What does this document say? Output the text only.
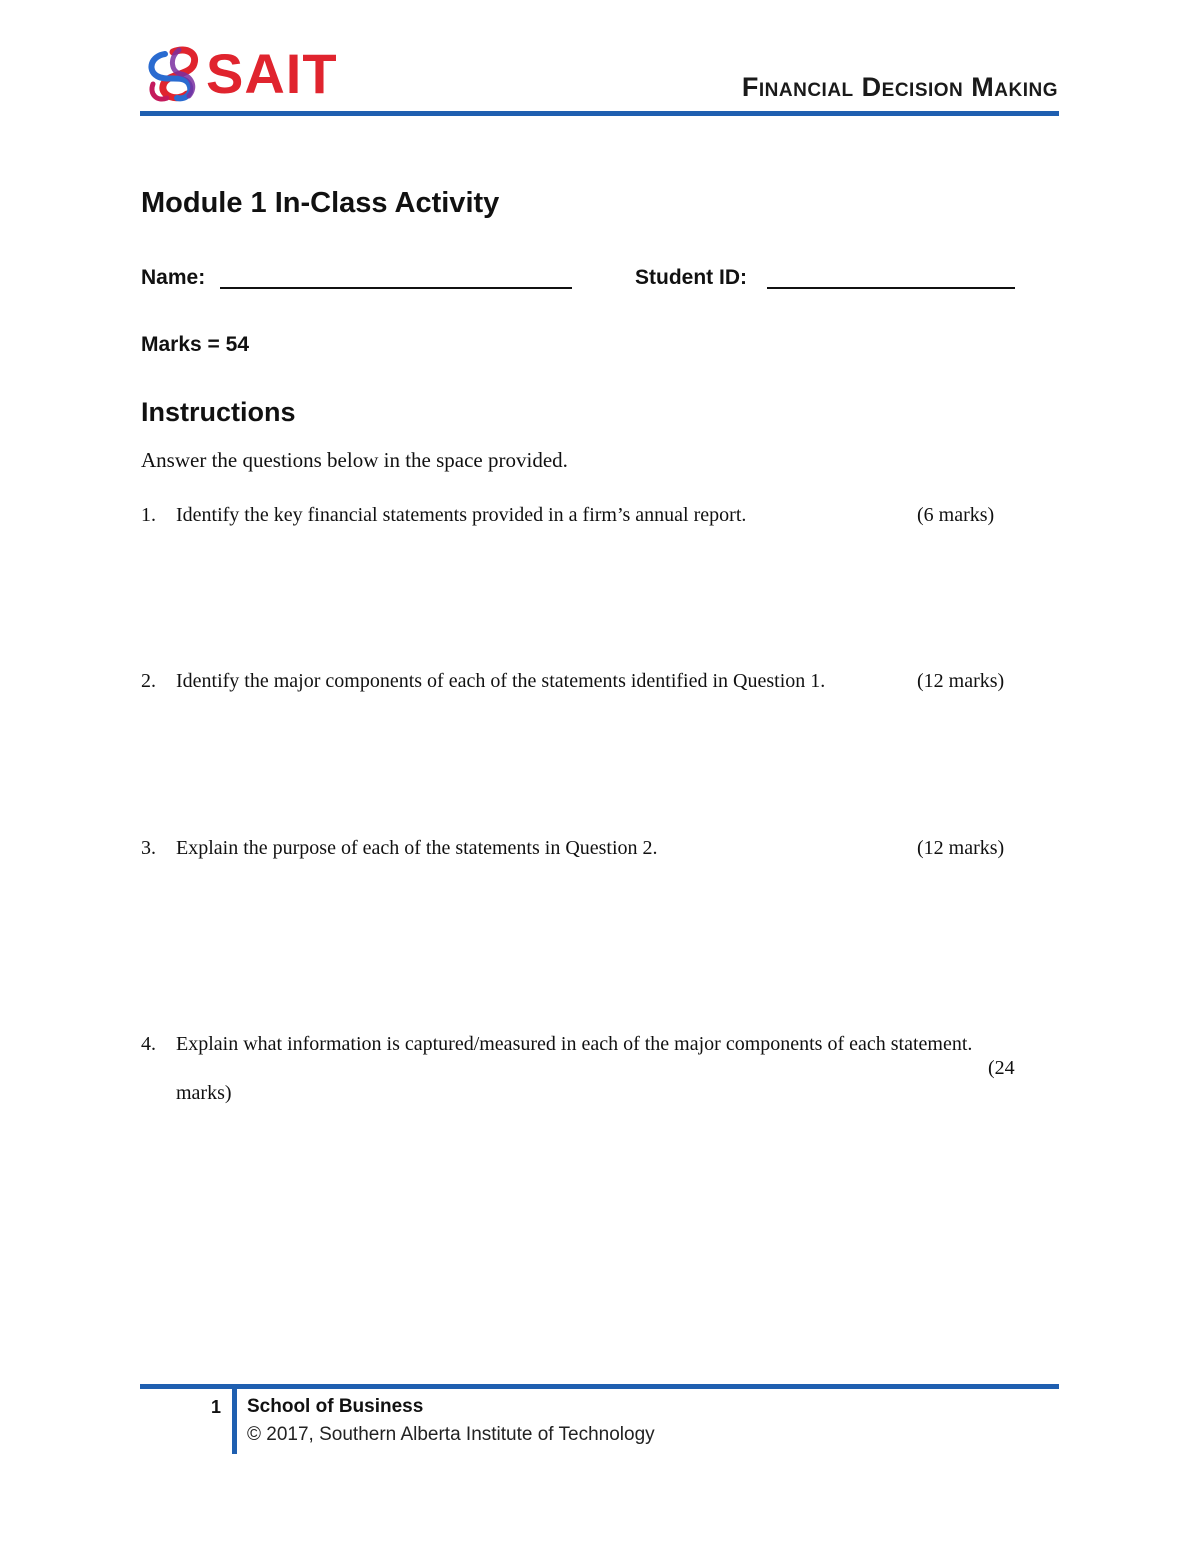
SAIT	Financial Decision Making
Module 1 In-Class Activity
Name:	Student ID:
Marks = 54
Instructions
Answer the questions below in the space provided.
1. Identify the key financial statements provided in a firm’s annual report.	(6 marks)
2. Identify the major components of each of the statements identified in Question 1.	(12 marks)
3. Explain the purpose of each of the statements in Question 2.	(12 marks)
4. Explain what information is captured/measured in each of the major components of each statement.
(24
marks)
1 School of Business
© 2017, Southern Alberta Institute of Technology
